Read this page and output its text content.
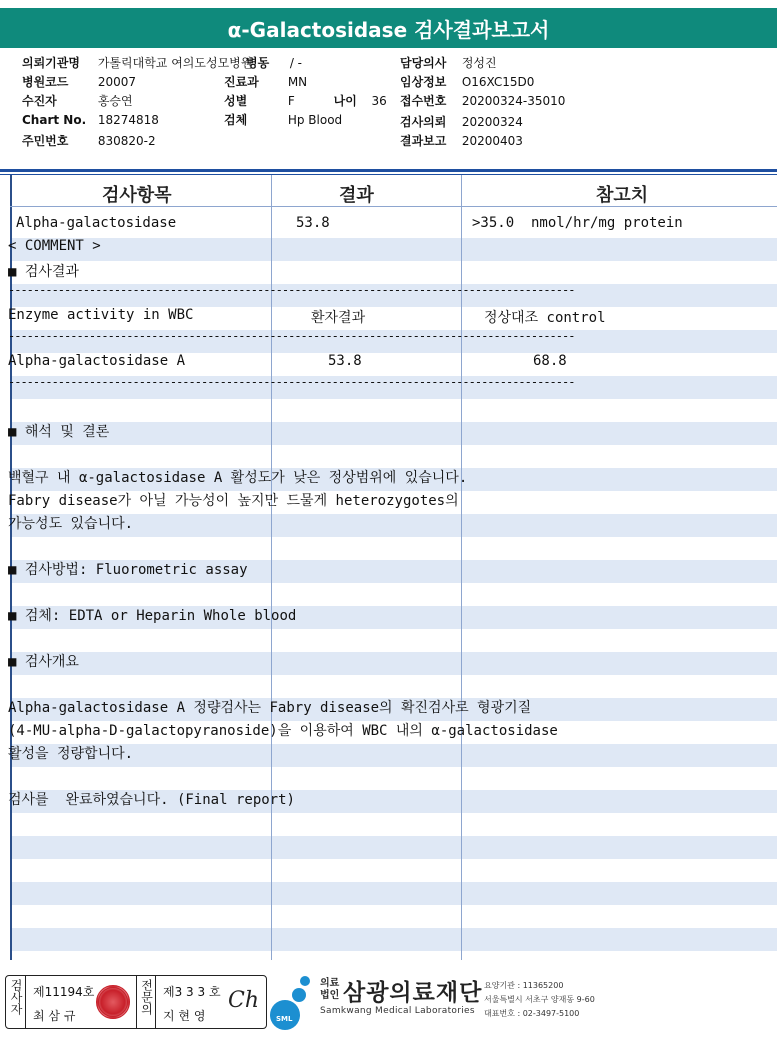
α-Galactosidase 검사결과보고서
의뢰기관명 가톨릭대학교 여의도성모병원
병동 / -	담당의사 정성진
병원코드 20007	진료과 MN	임상정보 O16XC15D0
수진자	홍승연	성별	F	나이 36 접수번호 20200324-35010
Chart No. 18274818	검체	Hp Blood	검사의뢰 20200324
주민번호 830820-2	결과보고 20200403
검사항목	결과	참고치
Alpha-galactosidase	53.8	>35.0  nmol/hr/mg protein
< COMMENT >
■ 검사결과
-------------------------------------------------------------------------------------------
Enzyme activity in WBC	환자결과	정상대조 control
-------------------------------------------------------------------------------------------
Alpha-galactosidase A	53.8	68.8
-------------------------------------------------------------------------------------------
■ 해석 및 결론
백혈구 내 α-galactosidase A 활성도가 낮은 정상범위에 있습니다.
Fabry disease가 아닐 가능성이 높지만 드물게 heterozygotes의
가능성도 있습니다.
■ 검사방법: Fluorometric assay
■ 검체: EDTA or Heparin Whole blood
■ 검사개요
Alpha-galactosidase A 정량검사는 Fabry disease의 확진검사로 형광기질
(4-MU-alpha-D-galactopyranoside)을 이용하여 WBC 내의 α-galactosidase
활성을 정량합니다.
검사를  완료하였습니다. (Final report)
검사자 제11194호
최 삼 규
전문의 제3 3 3 호
지 현 영
Ch
SML
의료
법인 삼광의료재단
Samkwang Medical Laboratories
요양기관 : 11365200
서울특별시 서초구 양재동 9-60
대표번호 : 02-3497-5100
